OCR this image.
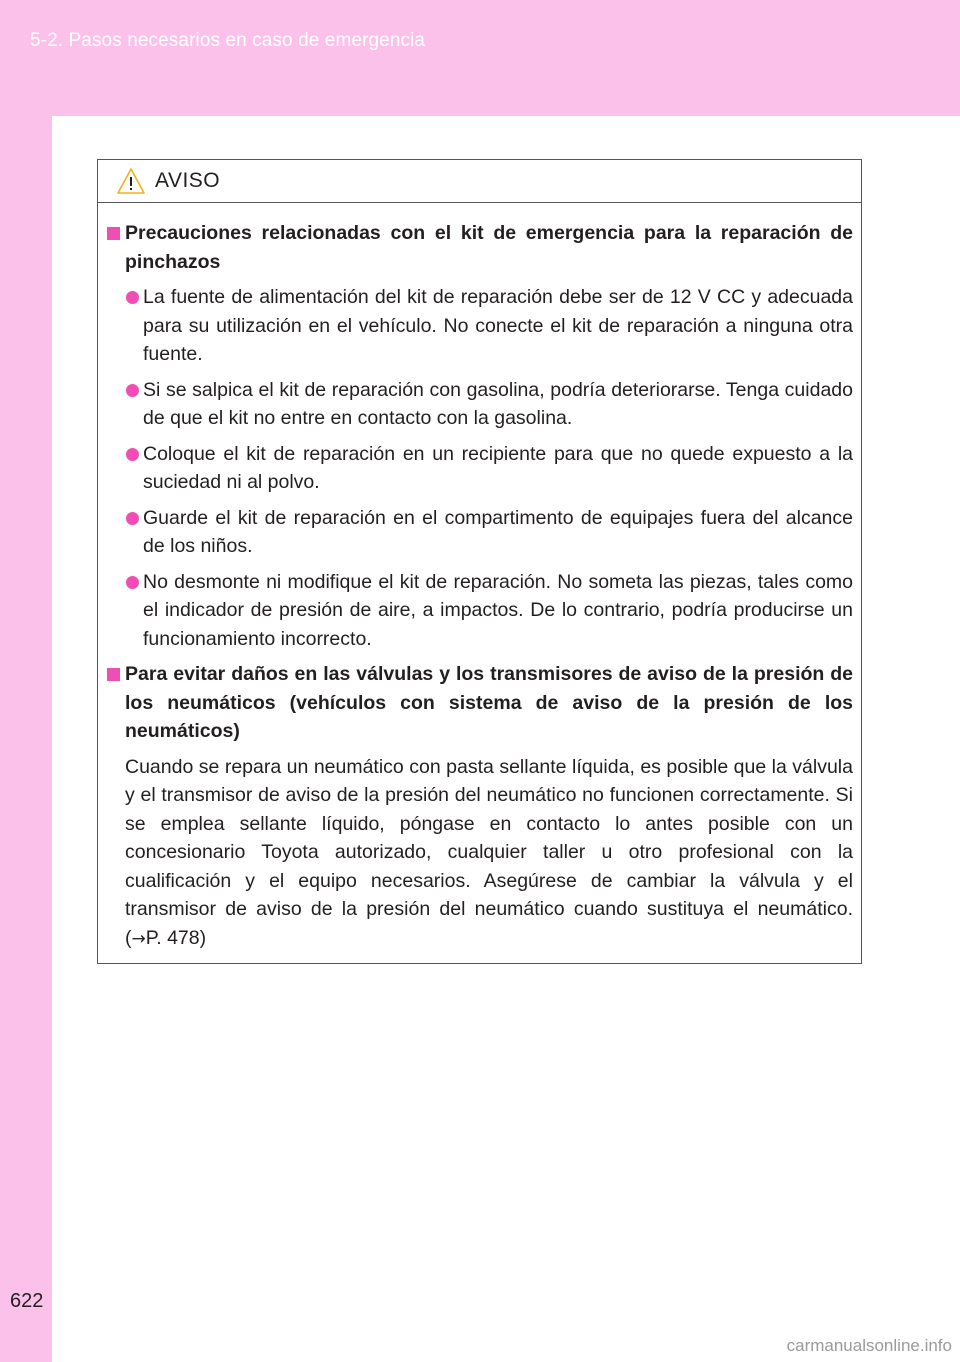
5-2. Pasos necesarios en caso de emergencia
622
AVISO
Precauciones relacionadas con el kit de emergencia para la reparación de pinchazos
La fuente de alimentación del kit de reparación debe ser de 12 V CC y adecuada para su utilización en el vehículo. No conecte el kit de reparación a ninguna otra fuente.
Si se salpica el kit de reparación con gasolina, podría deteriorarse. Tenga cuidado de que el kit no entre en contacto con la gasolina.
Coloque el kit de reparación en un recipiente para que no quede expuesto a la suciedad ni al polvo.
Guarde el kit de reparación en el compartimento de equipajes fuera del alcance de los niños.
No desmonte ni modifique el kit de reparación. No someta las piezas, tales como el indicador de presión de aire, a impactos. De lo contrario, podría producirse un funcionamiento incorrecto.
Para evitar daños en las válvulas y los transmisores de aviso de la presión de los neumáticos (vehículos con sistema de aviso de la presión de los neumáticos)
Cuando se repara un neumático con pasta sellante líquida, es posible que la válvula y el transmisor de aviso de la presión del neumático no funcionen correctamente. Si se emplea sellante líquido, póngase en contacto lo antes posible con un concesionario Toyota autorizado, cualquier taller u otro profesional con la cualificación y el equipo necesarios. Asegúrese de cambiar la válvula y el transmisor de aviso de la presión del neumático cuando sustituya el neumático. (→P. 478)
carmanualsonline.info
